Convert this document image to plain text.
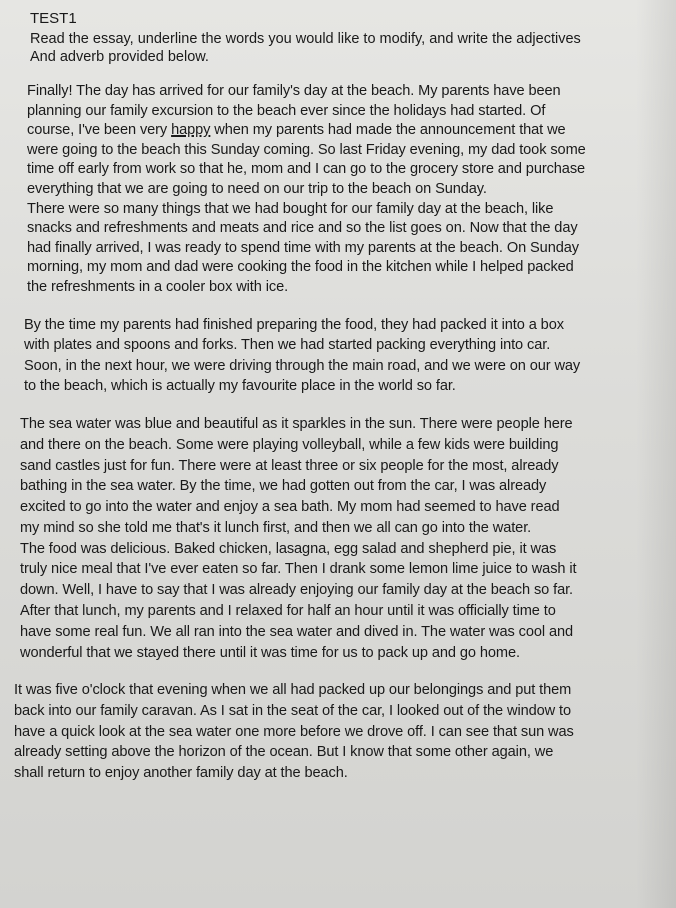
TEST1
Read the essay, underline the words you would like to modify, and write the adjectives
And adverb provided below.

Finally! The day has arrived for our family's day at the beach. My parents have been
planning our family excursion to the beach ever since the holidays had started. Of
course, I've been very happy when my parents had made the announcement that we
were going to the beach this Sunday coming. So last Friday evening, my dad took some
time off early from work so that he, mom and I can go to the grocery store and purchase
everything that we are going to need on our trip to the beach on Sunday.
There were so many things that we had bought for our family day at the beach, like
snacks and refreshments and meats and rice and so the list goes on. Now that the day
had finally arrived, I was ready to spend time with my parents at the beach. On Sunday
morning, my mom and dad were cooking the food in the kitchen while I helped packed
the refreshments in a cooler box with ice.

By the time my parents had finished preparing the food, they had packed it into a box
with plates and spoons and forks. Then we had started packing everything into car.
Soon, in the next hour, we were driving through the main road, and we were on our way
to the beach, which is actually my favourite place in the world so far.

The sea water was blue and beautiful as it sparkles in the sun. There were people here
and there on the beach. Some were playing volleyball, while a few kids were building
sand castles just for fun. There were at least three or six people for the most, already
bathing in the sea water. By the time, we had gotten out from the car, I was already
excited to go into the water and enjoy a sea bath. My mom had seemed to have read
my mind so she told me that's it lunch first, and then we all can go into the water.
The food was delicious. Baked chicken, lasagna, egg salad and shepherd pie, it was
truly nice meal that I've ever eaten so far. Then I drank some lemon lime juice to wash it
down. Well, I have to say that I was already enjoying our family day at the beach so far.
After that lunch, my parents and I relaxed for half an hour until it was officially time to
have some real fun. We all ran into the sea water and dived in. The water was cool and
wonderful that we stayed there until it was time for us to pack up and go home.

It was five o'clock that evening when we all had packed up our belongings and put them
back into our family caravan. As I sat in the seat of the car, I looked out of the window to
have a quick look at the sea water one more before we drove off. I can see that sun was
already setting above the horizon of the ocean. But I know that some other again, we
shall return to enjoy another family day at the beach.
